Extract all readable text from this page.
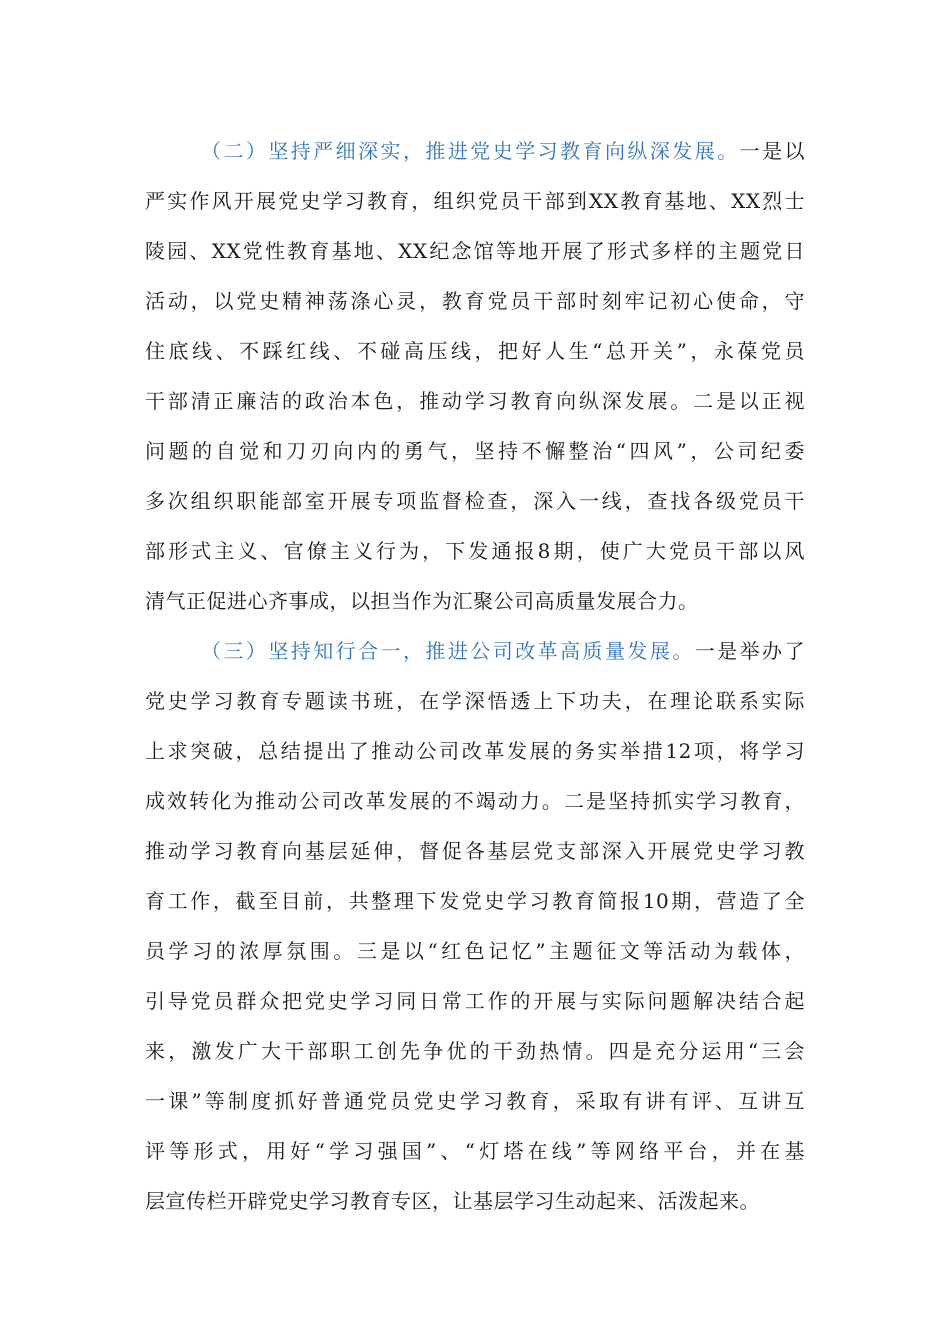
（二）坚持严细深实，推进党史学习教育向纵深发展。一是以
严实作风开展党史学习教育，组织党员干部到XX教育基地、XX烈士
陵园、XX党性教育基地、XX纪念馆等地开展了形式多样的主题党日
活动，以党史精神荡涤心灵，教育党员干部时刻牢记初心使命，守
住底线、不踩红线、不碰高压线，把好人生“总开关”，永葆党员
干部清正廉洁的政治本色，推动学习教育向纵深发展。二是以正视
问题的自觉和刀刃向内的勇气，坚持不懈整治“四风”，公司纪委
多次组织职能部室开展专项监督检查，深入一线，查找各级党员干
部形式主义、官僚主义行为，下发通报8期，使广大党员干部以风
清气正促进心齐事成，以担当作为汇聚公司高质量发展合力。
（三）坚持知行合一，推进公司改革高质量发展。一是举办了
党史学习教育专题读书班，在学深悟透上下功夫，在理论联系实际
上求突破，总结提出了推动公司改革发展的务实举措12项，将学习
成效转化为推动公司改革发展的不竭动力。二是坚持抓实学习教育，
推动学习教育向基层延伸，督促各基层党支部深入开展党史学习教
育工作，截至目前，共整理下发党史学习教育简报10期，营造了全
员学习的浓厚氛围。三是以“红色记忆”主题征文等活动为载体，
引导党员群众把党史学习同日常工作的开展与实际问题解决结合起
来，激发广大干部职工创先争优的干劲热情。四是充分运用“三会
一课”等制度抓好普通党员党史学习教育，采取有讲有评、互讲互
评等形式，用好“学习强国”、“灯塔在线”等网络平台，并在基
层宣传栏开辟党史学习教育专区，让基层学习生动起来、活泼起来。
